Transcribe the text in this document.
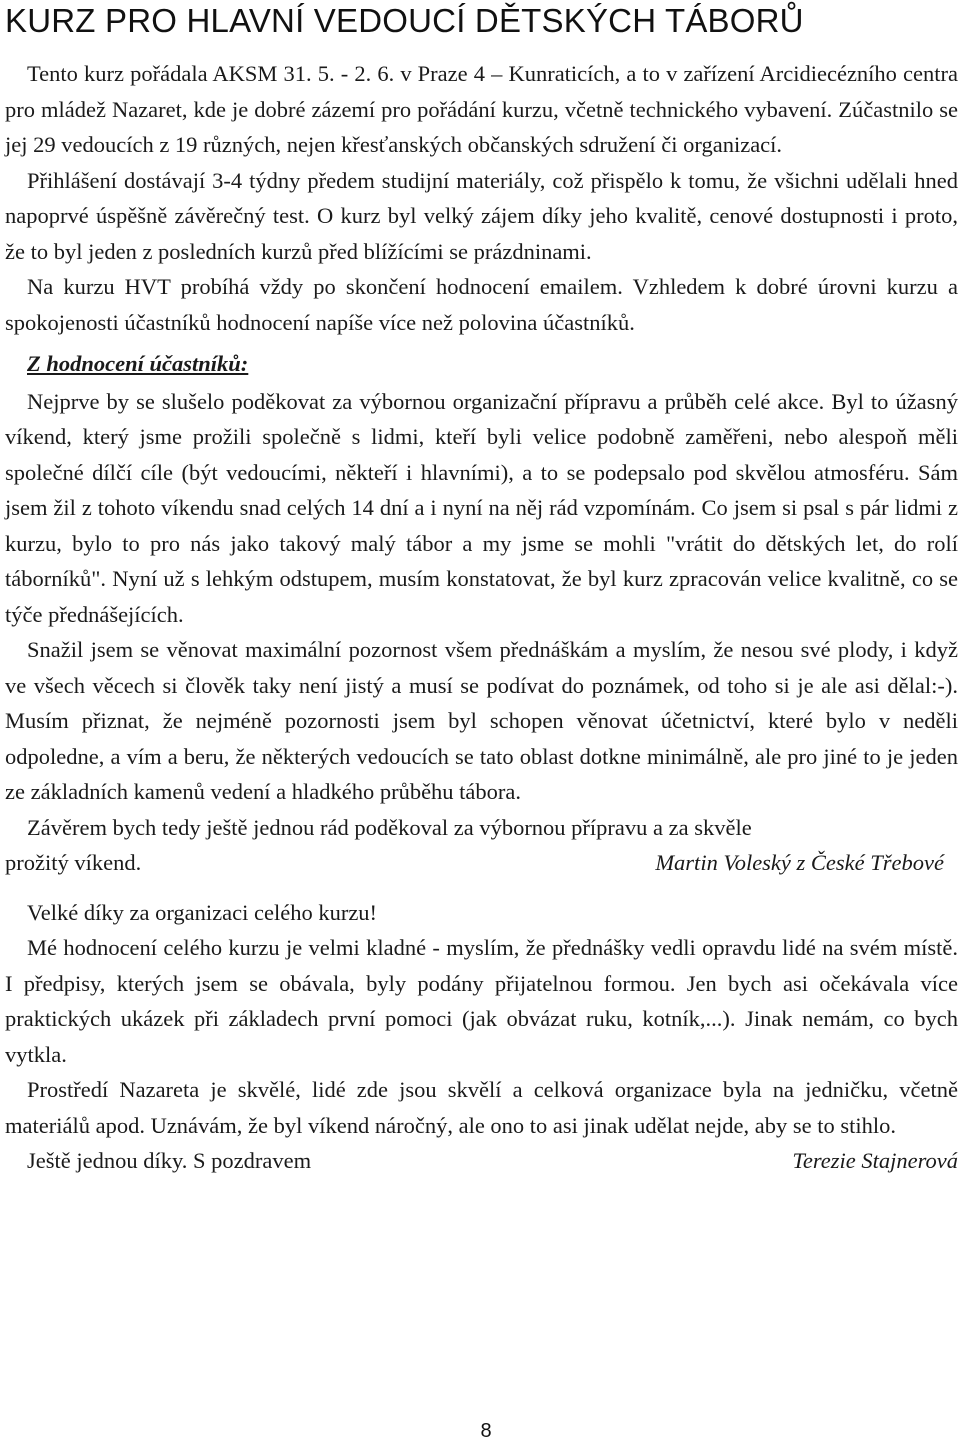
KURZ PRO HLAVNÍ VEDOUCÍ DĚTSKÝCH TÁBORŮ

Tento kurz pořádala AKSM 31. 5. - 2. 6. v Praze 4 – Kunraticích, a to v zařízení Arcidiecézního centra pro mládež Nazaret, kde je dobré zázemí pro pořádání kurzu, včetně technického vybavení. Zúčastnilo se jej 29 vedoucích z 19 různých, nejen křesťanských občanských sdružení či organizací.

Přihlášení dostávají 3-4 týdny předem studijní materiály, což přispělo k tomu, že všichni udělali hned napoprvé úspěšně závěrečný test. O kurz byl velký zájem díky jeho kvalitě, cenové dostupnosti i proto, že to byl jeden z posledních kurzů před blížícími se prázdninami.

Na kurzu HVT probíhá vždy po skončení hodnocení emailem. Vzhledem k dobré úrovni kurzu a spokojenosti účastníků hodnocení napíše více než polovina účastníků.

Z hodnocení účastníků:

Nejprve by se slušelo poděkovat za výbornou organizační přípravu a průběh celé akce. Byl to úžasný víkend, který jsme prožili společně s lidmi, kteří byli velice podobně zaměřeni, nebo alespoň měli společné dílčí cíle (být vedoucími, někteří i hlavními), a to se podepsalo pod skvělou atmosféru. Sám jsem žil z tohoto víkendu snad celých 14 dní a i nyní na něj rád vzpomínám. Co jsem si psal s pár lidmi z kurzu, bylo to pro nás jako takový malý tábor a my jsme se mohli "vrátit do dětských let, do rolí táborníků". Nyní už s lehkým odstupem, musím konstatovat, že byl kurz zpracován velice kvalitně, co se týče přednášejících.

Snažil jsem se věnovat maximální pozornost všem přednáškám a myslím, že nesou své plody, i když ve všech věcech si člověk taky není jistý a musí se podívat do poznámek, od toho si je ale asi dělal:-). Musím přiznat, že nejméně pozornosti jsem byl schopen věnovat účetnictví, které bylo v neděli odpoledne, a vím a beru, že některých vedoucích se tato oblast dotkne minimálně, ale pro jiné to je jeden ze základních kamenů vedení a hladkého průběhu tábora.

Závěrem bych tedy ještě jednou rád poděkoval za výbornou přípravu a za skvěle

prožitý víkend.	Martin Voleský z České Třebové

Velké díky za organizaci celého kurzu!

Mé hodnocení celého kurzu je velmi kladné - myslím, že přednášky vedli opravdu lidé na svém místě. I předpisy, kterých jsem se obávala, byly podány přijatelnou formou. Jen bych asi očekávala více praktických ukázek při základech první pomoci (jak obvázat ruku, kotník,...). Jinak nemám, co bych vytkla.

Prostředí Nazareta je skvělé, lidé zde jsou skvělí a celková organizace byla na jedničku, včetně materiálů apod. Uznávám, že byl víkend náročný, ale ono to asi jinak udělat nejde, aby se to stihlo.

Ještě jednou díky. S pozdravem	Terezie Stajnerová
8
